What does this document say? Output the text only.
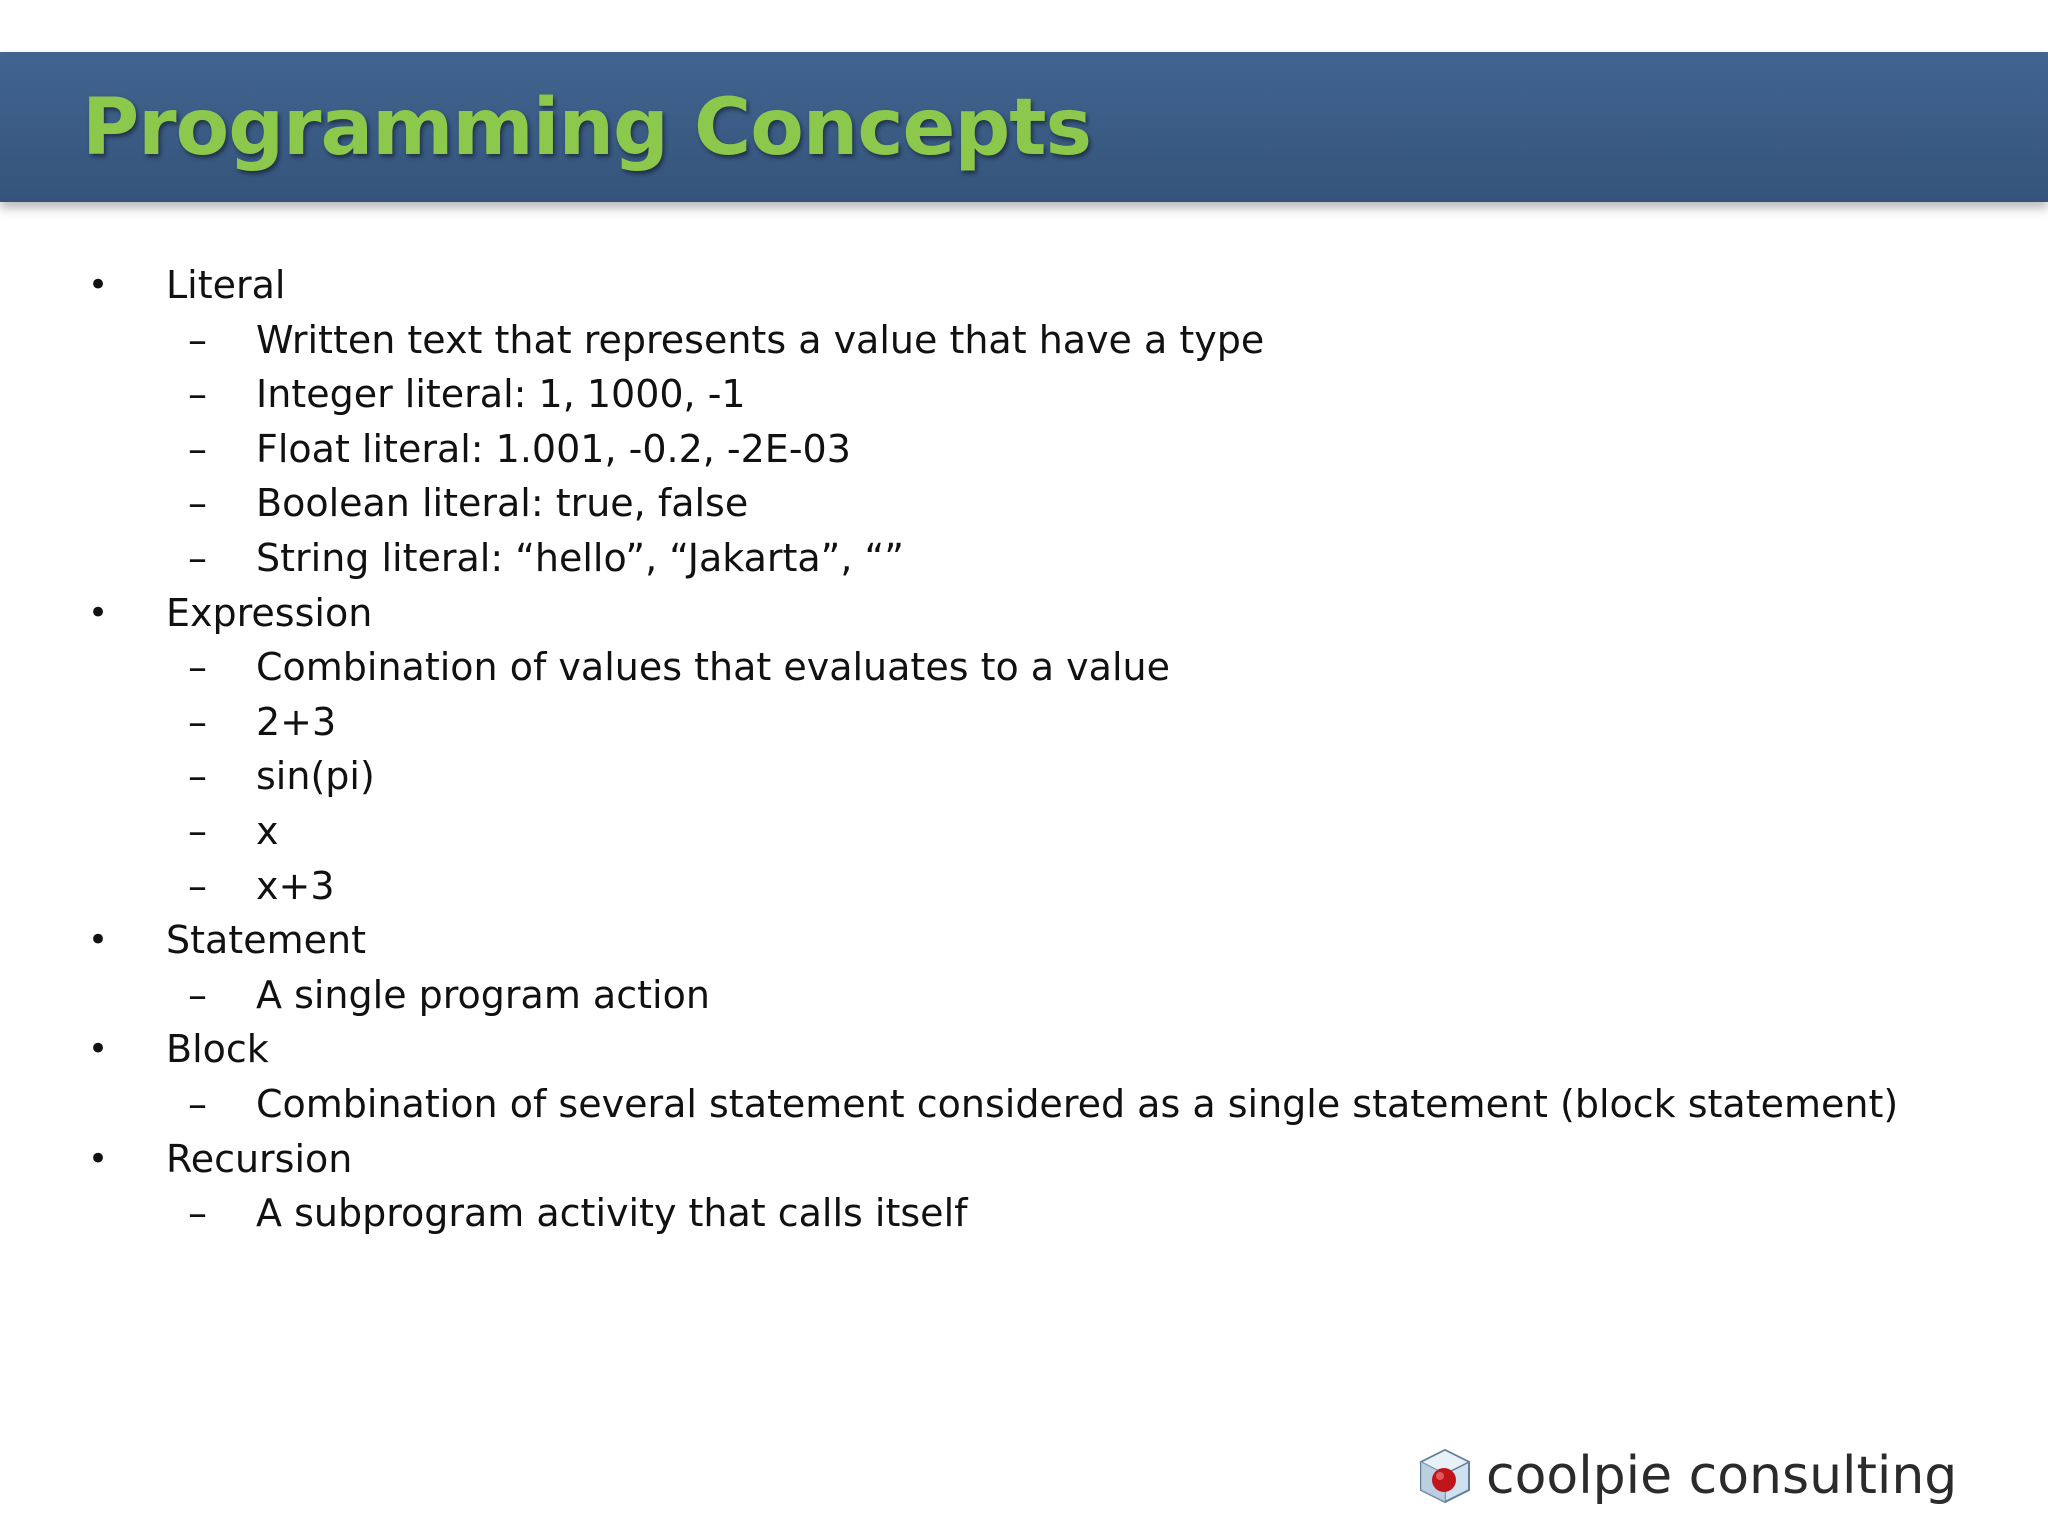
Programming Concepts
• Literal
– Written text that represents a value that have a type
– Integer literal: 1, 1000, -1
– Float literal: 1.001, -0.2, -2E-03
– Boolean literal: true, false
– String literal: “hello”, “Jakarta”, “”
• Expression
– Combination of values that evaluates to a value
– 2+3
– sin(pi)
– x
– x+3
• Statement
– A single program action
• Block
– Combination of several statement considered as a single statement (block statement)
• Recursion
– A subprogram activity that calls itself
coolpie consulting
